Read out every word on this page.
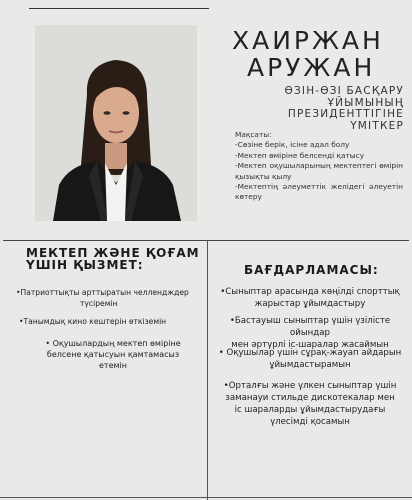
ХАИРЖАН
АРУЖАН
ӨЗІН-ӨЗІ БАСҚАРУ
ҰЙЫМЫНЫҢ
ПРЕЗИДЕНТТІГІНЕ
ҮМІТКЕР
Мақсаты:
-Сөзіне берік, ісіне адал болу
-Мектеп өміріне белсенді қатысу
-Мектеп оқушыларының мектептегі өмірін қызықты қылу
-Мектептің әлеуметтік желідегі әлеуетін көтеру
МЕКТЕП ЖӘНЕ ҚОҒАМ
ҮШІН ҚЫЗМЕТ:
•Патриоттықты арттыратын челлендждер
түсіремін
•Танымдық кино кештерін өткіземін
• Оқушылардың мектеп өміріне
белсене қатысуын қамтамасыз
етемін
БАҒДАРЛАМАСЫ:
•Сыныптар арасында көңілді спорттық
жарыстар ұйымдастыру
•Бастауыш сыныптар үшін үзілісте ойындар
мен әртүрлі іс-шаралар жасаймын
• Оқушылар үшін сұрақ-жауап айдарын
ұйымдастырамын
•Орталғы және үлкен сыныптар үшін
заманауи стильде дискотекалар мен
іс шараларды ұйымдастырудағы
үлесімді қосамын
